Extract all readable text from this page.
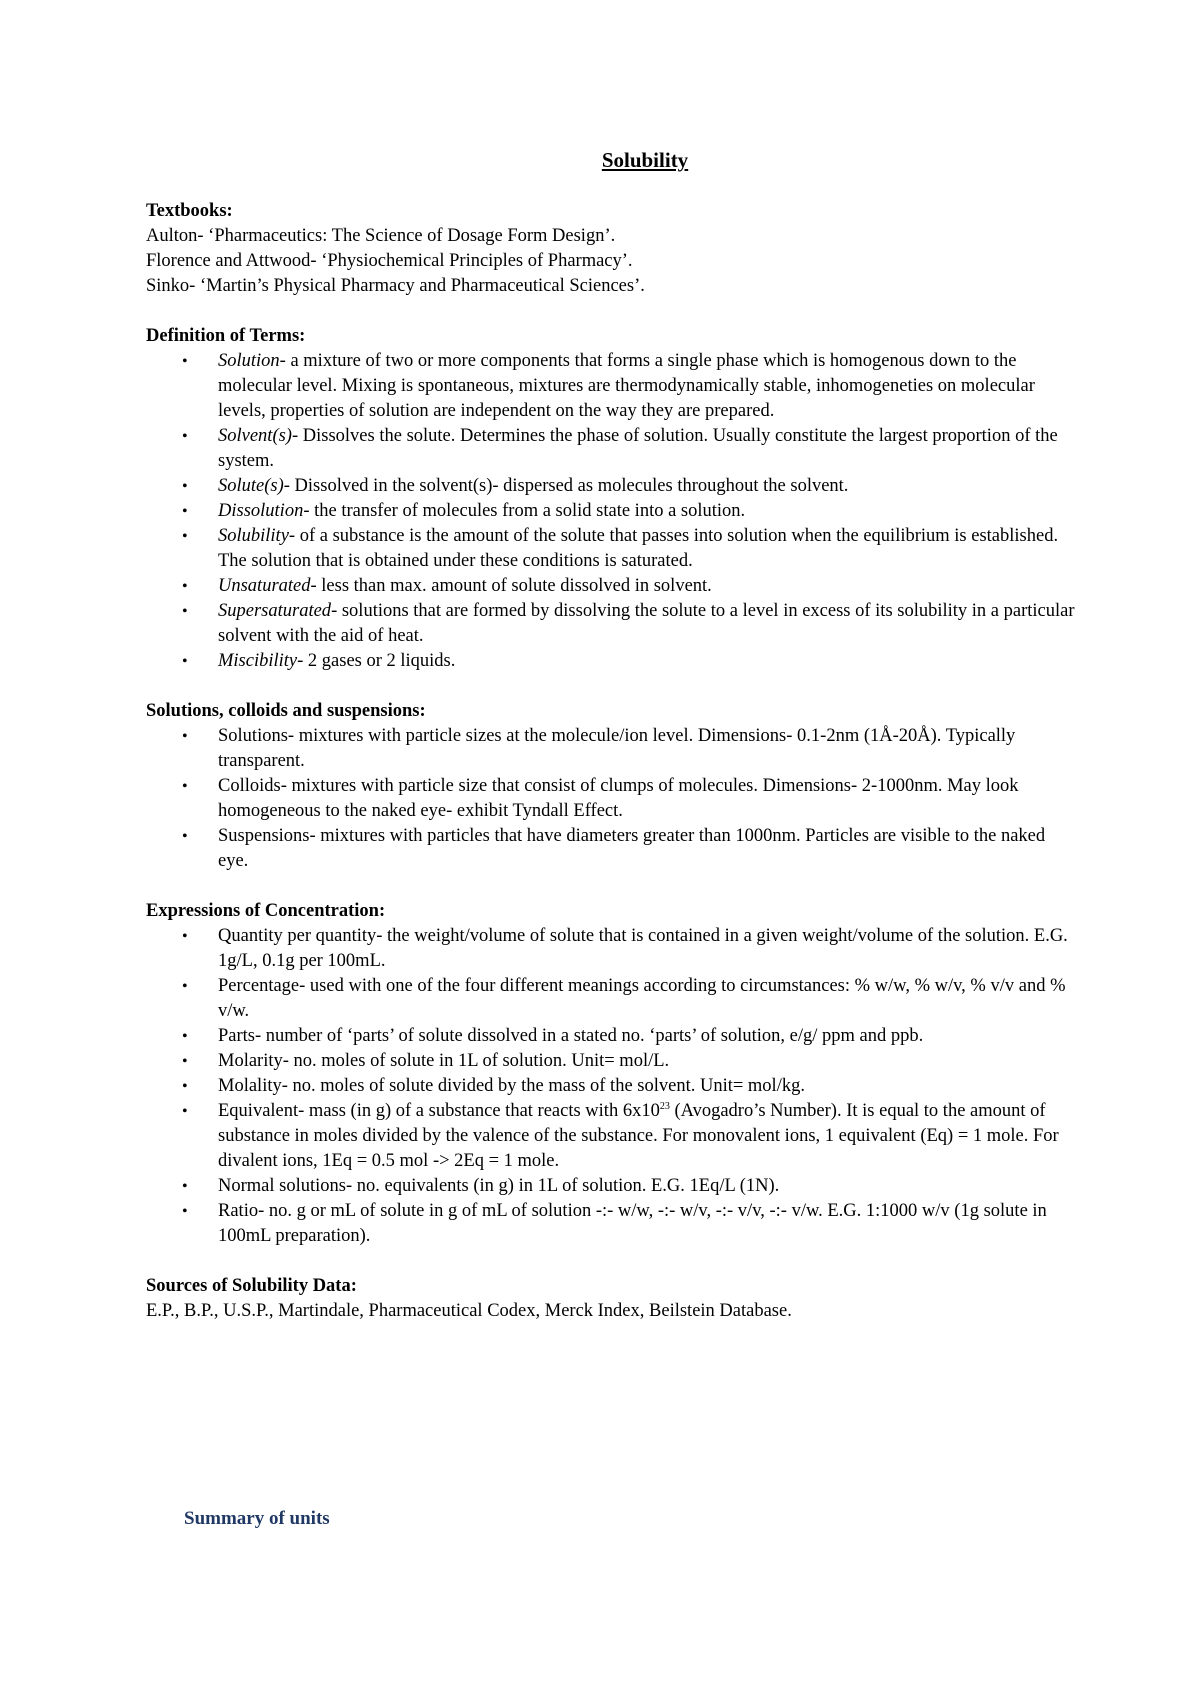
Solubility

Textbooks:

Aulton- ‘Pharmaceutics: The Science of Dosage Form Design’.

Florence and Attwood- ‘Physiochemical Principles of Pharmacy’.

Sinko- ‘Martin’s Physical Pharmacy and Pharmaceutical Sciences’.

Definition of Terms:

• Solution- a mixture of two or more components that forms a single phase which is homogenous down to the molecular level. Mixing is spontaneous, mixtures are thermodynamically stable, inhomogeneties on molecular levels, properties of solution are independent on the way they are prepared.
• Solvent(s)- Dissolves the solute. Determines the phase of solution. Usually constitute the largest proportion of the system.
• Solute(s)- Dissolved in the solvent(s)- dispersed as molecules throughout the solvent.
• Dissolution- the transfer of molecules from a solid state into a solution.
• Solubility- of a substance is the amount of the solute that passes into solution when the equilibrium is established. The solution that is obtained under these conditions is saturated.
• Unsaturated- less than max. amount of solute dissolved in solvent.
• Supersaturated- solutions that are formed by dissolving the solute to a level in excess of its solubility in a particular solvent with the aid of heat.
• Miscibility- 2 gases or 2 liquids.

Solutions, colloids and suspensions:

• Solutions- mixtures with particle sizes at the molecule/ion level. Dimensions- 0.1-2nm (1Å-20Å). Typically transparent.
• Colloids- mixtures with particle size that consist of clumps of molecules. Dimensions- 2-1000nm. May look homogeneous to the naked eye- exhibit Tyndall Effect.
• Suspensions- mixtures with particles that have diameters greater than 1000nm. Particles are visible to the naked eye.

Expressions of Concentration:

• Quantity per quantity- the weight/volume of solute that is contained in a given weight/volume of the solution. E.G. 1g/L, 0.1g per 100mL.
• Percentage- used with one of the four different meanings according to circumstances: % w/w, % w/v, % v/v and % v/w.
• Parts- number of ‘parts’ of solute dissolved in a stated no. ‘parts’ of solution, e/g/ ppm and ppb.
• Molarity- no. moles of solute in 1L of solution. Unit= mol/L.
• Molality- no. moles of solute divided by the mass of the solvent. Unit= mol/kg.
• Equivalent- mass (in g) of a substance that reacts with $6x10^{23}$ (Avogadro’s Number). It is equal to the amount of substance in moles divided by the valence of the substance. For monovalent ions, 1 equivalent (Eq) = 1 mole. For divalent ions, 1Eq = 0.5 mol -> 2Eq = 1 mole.
• Normal solutions- no. equivalents (in g) in 1L of solution. E.G. 1Eq/L (1N).
• Ratio- no. g or mL of solute in g of mL of solution -:- w/w, -:- w/v, -:- v/v, -:- v/w. E.G. 1:1000 w/v (1g solute in 100mL preparation).

Sources of Solubility Data:

E.P., B.P., U.S.P., Martindale, Pharmaceutical Codex, Merck Index, Beilstein Database.

Summary of units
